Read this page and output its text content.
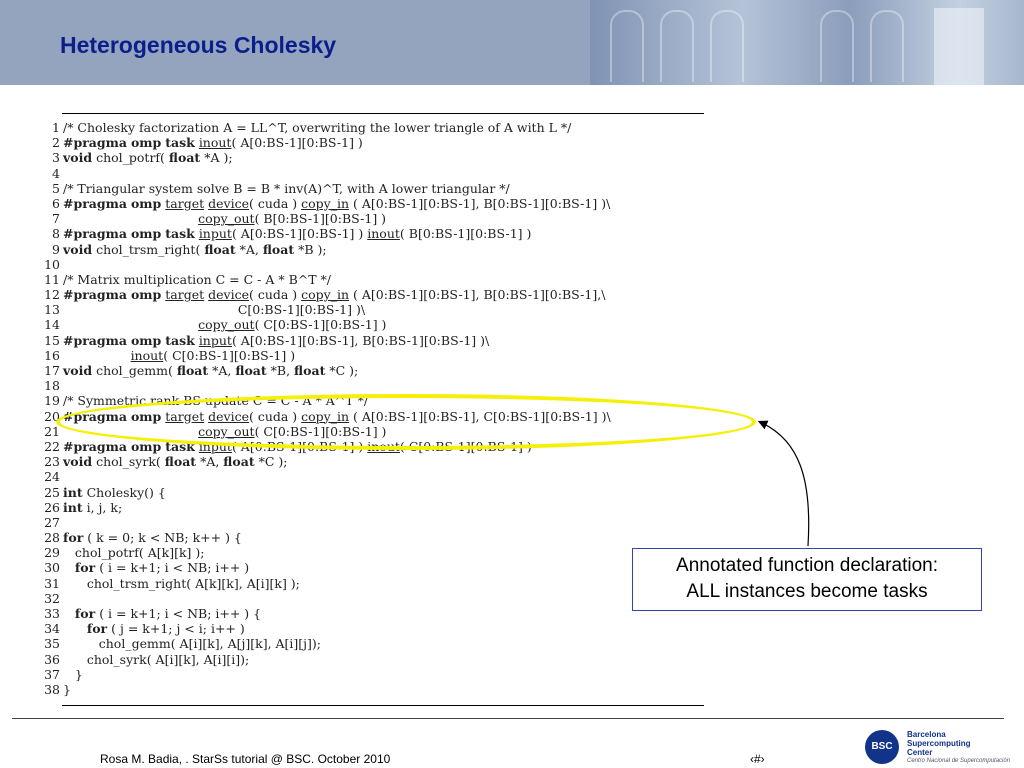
Heterogeneous Cholesky
1 /* Cholesky factorization A = LL^T, overwriting the lower triangle of A with L */
2 #pragma omp task inout( A[0:BS-1][0:BS-1] )
3 void chol_potrf( float *A );
4
5 /* Triangular system solve B = B * inv(A)^T, with A lower triangular */
6 #pragma omp target device( cuda ) copy_in ( A[0:BS-1][0:BS-1], B[0:BS-1][0:BS-1] )\
7	copy_out( B[0:BS-1][0:BS-1] )
8 #pragma omp task input( A[0:BS-1][0:BS-1] ) inout( B[0:BS-1][0:BS-1] )
9 void chol_trsm_right( float *A, float *B );
10
11 /* Matrix multiplication C = C - A * B^T */
12 #pragma omp target device( cuda ) copy_in ( A[0:BS-1][0:BS-1], B[0:BS-1][0:BS-1],\
13                                            C[0:BS-1][0:BS-1] )\
14	copy_out( C[0:BS-1][0:BS-1] )
15 #pragma omp task input( A[0:BS-1][0:BS-1], B[0:BS-1][0:BS-1] )\
16	inout( C[0:BS-1][0:BS-1] )
17 void chol_gemm( float *A, float *B, float *C );
18
19 /* Symmetric rank-BS update C = C - A * A^T */
20 #pragma omp target device( cuda ) copy_in ( A[0:BS-1][0:BS-1], C[0:BS-1][0:BS-1] )\
21	copy_out( C[0:BS-1][0:BS-1] )
22 #pragma omp task input( A[0:BS-1][0:BS-1] ) inout( C[0:BS-1][0:BS-1] )
23 void chol_syrk( float *A, float *C );
24
25 int Cholesky() {
26 int i, j, k;
27
28 for ( k = 0; k < NB; k++ ) {
29   chol_potrf( A[k][k] );
30 for ( i = k+1; i < NB; i++ )
31      chol_trsm_right( A[k][k], A[i][k] );
32
33 for ( i = k+1; i < NB; i++ ) {
34 for ( j = k+1; j < i; i++ )
35         chol_gemm( A[i][k], A[j][k], A[i][j]);
36      chol_syrk( A[i][k], A[i][i]);
37   }
38 }
Annotated function declaration:
ALL instances become tasks
Rosa M. Badia, . StarSs tutorial @ BSC. October 2010	‹#›
BSC
Barcelona
Supercomputing
Center
Centro Nacional de Supercomputación
